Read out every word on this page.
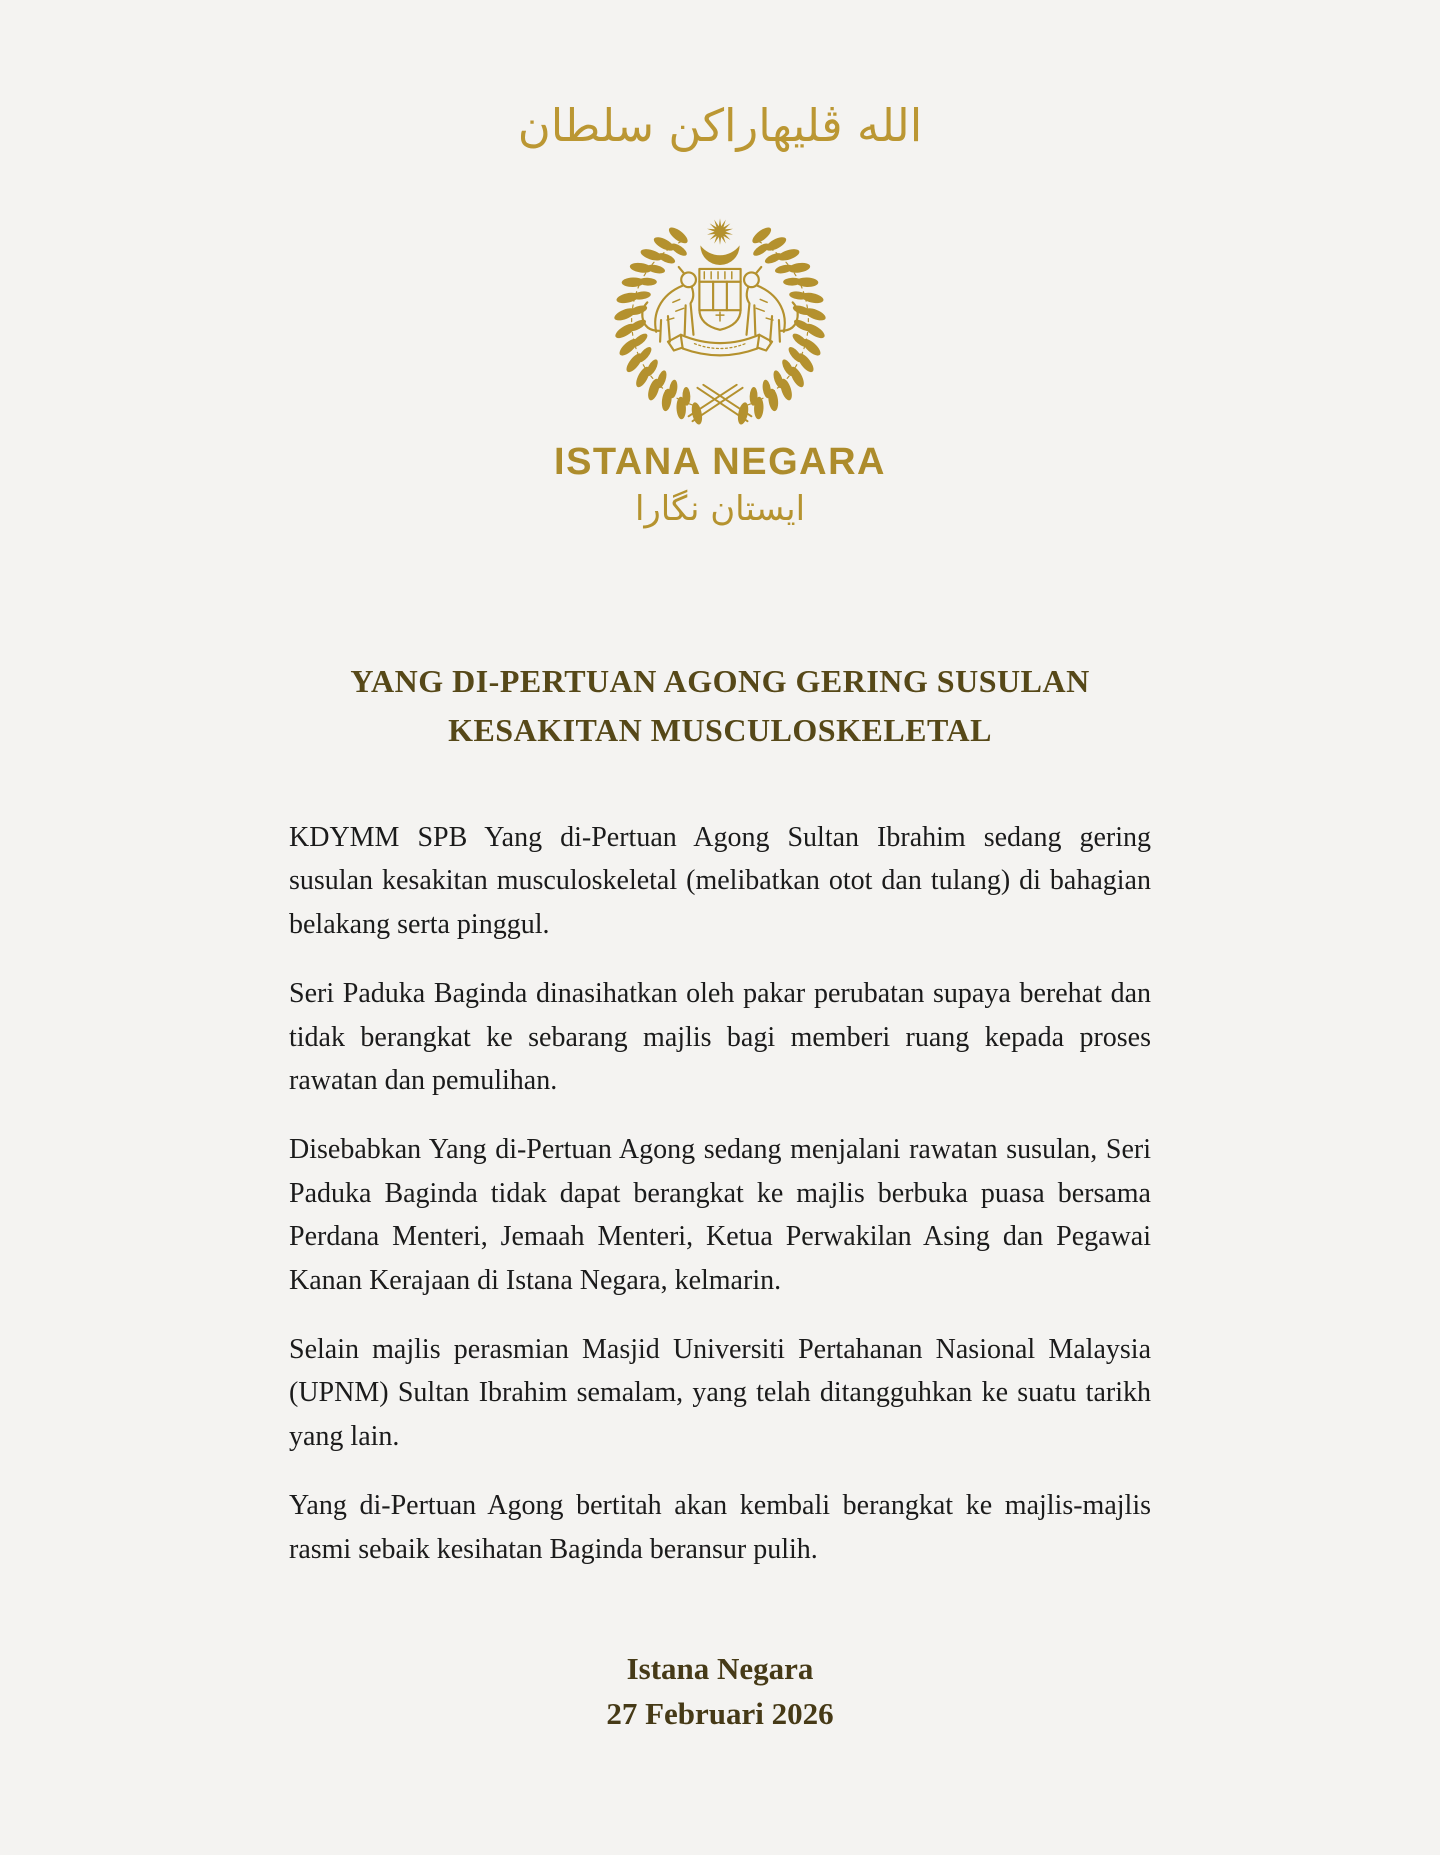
الله ڤليهاراكن سلطان
ISTANA NEGARA
ايستان نگارا
YANG DI-PERTUAN AGONG GERING SUSULAN
KESAKITAN MUSCULOSKELETAL

KDYMM SPB Yang di-Pertuan Agong Sultan Ibrahim sedang gering susulan kesakitan musculoskeletal (melibatkan otot dan tulang) di bahagian belakang serta pinggul.

Seri Paduka Baginda dinasihatkan oleh pakar perubatan supaya berehat dan tidak berangkat ke sebarang majlis bagi memberi ruang kepada proses rawatan dan pemulihan.

Disebabkan Yang di-Pertuan Agong sedang menjalani rawatan susulan, Seri Paduka Baginda tidak dapat berangkat ke majlis berbuka puasa bersama Perdana Menteri, Jemaah Menteri, Ketua Perwakilan Asing dan Pegawai Kanan Kerajaan di Istana Negara, kelmarin.

Selain majlis perasmian Masjid Universiti Pertahanan Nasional Malaysia (UPNM) Sultan Ibrahim semalam, yang telah ditangguhkan ke suatu tarikh yang lain.

Yang di-Pertuan Agong bertitah akan kembali berangkat ke majlis-majlis rasmi sebaik kesihatan Baginda beransur pulih.

Istana Negara
27 Februari 2026
